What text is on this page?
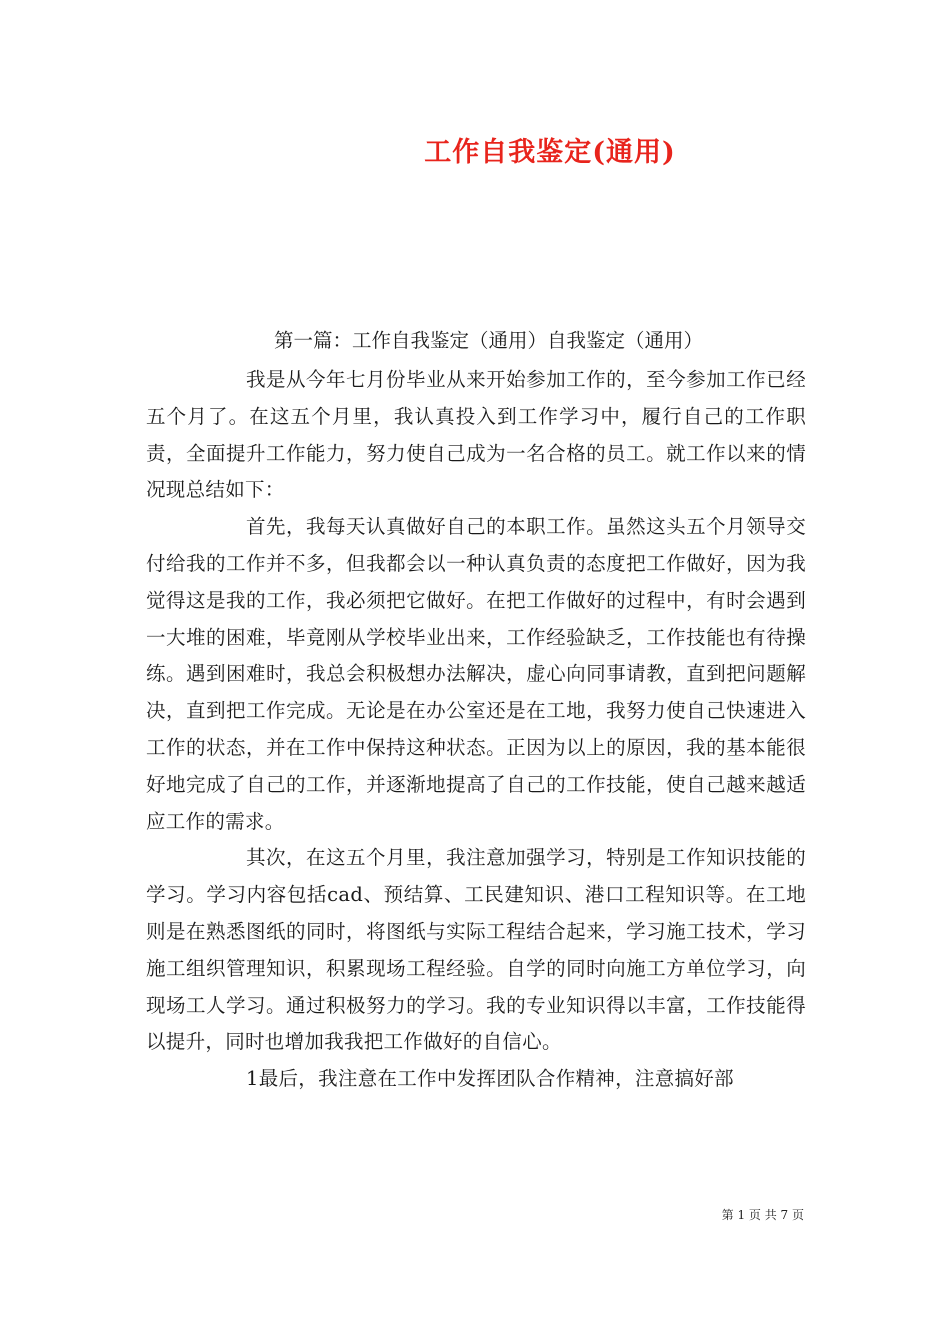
工作自我鉴定(通用)
第一篇：工作自我鉴定（通用）自我鉴定（通用）

我是从今年七月份毕业从来开始参加工作的，至今参加工作已经五个月了。在这五个月里，我认真投入到工作学习中，履行自己的工作职责，全面提升工作能力，努力使自己成为一名合格的员工。就工作以来的情况现总结如下：

首先，我每天认真做好自己的本职工作。虽然这头五个月领导交付给我的工作并不多，但我都会以一种认真负责的态度把工作做好，因为我觉得这是我的工作，我必须把它做好。在把工作做好的过程中，有时会遇到一大堆的困难，毕竟刚从学校毕业出来，工作经验缺乏，工作技能也有待操练。遇到困难时，我总会积极想办法解决，虚心向同事请教，直到把问题解决，直到把工作完成。无论是在办公室还是在工地，我努力使自己快速进入工作的状态，并在工作中保持这种状态。正因为以上的原因，我的基本能很好地完成了自己的工作，并逐渐地提高了自己的工作技能，使自己越来越适应工作的需求。

其次，在这五个月里，我注意加强学习，特别是工作知识技能的学习。学习内容包括cad、预结算、工民建知识、港口工程知识等。在工地则是在熟悉图纸的同时，将图纸与实际工程结合起来，学习施工技术，学习施工组织管理知识，积累现场工程经验。自学的同时向施工方单位学习，向现场工人学习。通过积极努力的学习。我的专业知识得以丰富，工作技能得以提升，同时也增加我我把工作做好的自信心。

1最后，我注意在工作中发挥团队合作精神，注意搞好部

第 1 页 共 7 页
